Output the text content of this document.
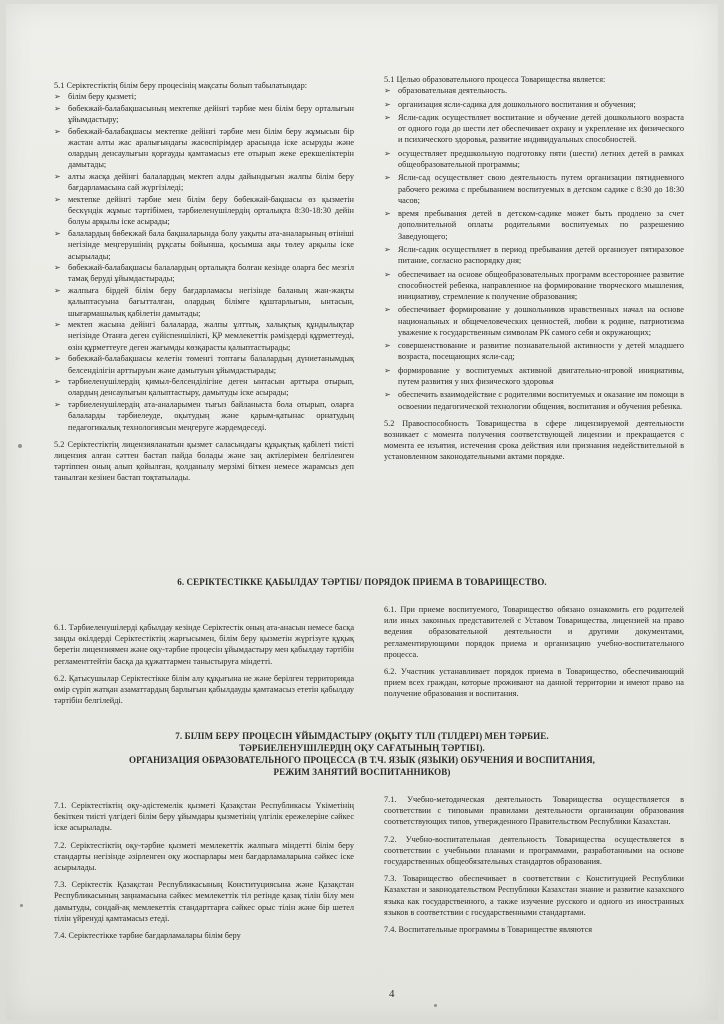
5.1 Серіктестіктің білім беру процесінің мақсаты болып табылатындар:

➢ білім беру қызметі;
➢ бөбекжай-балабақшасының мектепке дейінгі тәрбие мен білім беру орталығын ұйымдастыру;
➢ бөбекжай-балабақшасы мектепке дейінгі тәрбие мен білім беру жұмысын бір жастан алты жас аралығындағы жасөспірімдер арасында іске асыруды және олардың денсаулығын қорғауды қамтамасыз ете отырып жеке ерекшеліктерін дамытады;
➢ алты жасқа дейінгі балалардың мектеп алды дайындығын жалпы білім беру бағдарламасына сай жүргізіледі;
➢ мектепке дейінгі тәрбие мен білім беру бөбекжай-бақшасы өз қызметін бескүндік жұмыс тәртібімен, тәрбиеленушілердің орталықта 8:30-18:30 дейін болуы арқылы іске асырады;
➢ балалардың бөбекжай бала бақшаларында болу уақыты ата-аналарының өтініші негізінде меңгерушінің рұқсаты бойынша, қосымша ақы төлеу арқылы іске асырылады;
➢ бөбекжай-балабақшасы балалардың орталықта болған кезінде оларға бес мезгіл тамақ беруді ұйымдастырады;
➢ жалпыға бірдей білім беру бағдарламасы негізінде баланың жан-жақты қалыптасуына бағытталған, олардың білімге құштарлығын, ынтасын, шығармашылық қабілетін дамытады;
➢ мектеп жасына дейінгі балаларда, жалпы ұлттық, халықтық құндылықтар негізінде Отанға деген сүйіспеншілікті, ҚР мемлекеттік рәміздерді құрметтеуді, өзін құрметтеуге деген жағымды көзқарасты қалыптастырады;
➢ бөбекжай-балабақшасы келетін төменгі топтағы балалардың дүниетанымдық белсенділігін арттыруын және дамытуын ұйымдастырады;
➢ тәрбиеленушілердің қимыл-белсенділігіне деген ынтасын арттыра отырып, олардың денсаулығын қалыптастыру, дамытуды іске асырады;
➢ тәрбиеленушілердің ата-аналарымен тығыз байланыста бола отырып, оларға балаларды тәрбиелеуде, оқытудың және қарым-қатынас орнатудың педагогикалық технологиясын меңгеруге жәрдемдеседі.

5.2 Серіктестіктің лицензияланатын қызмет саласындағы құқықтық қабілеті тиісті лицензия алған сәттен бастап пайда болады және заң актілерімен белгіленген тәртіппен оның алып қойылған, қолданылу мерзімі біткен немесе жарамсыз деп танылған кезінен бастап тоқтатылады.

5.1 Целью образовательного процесса Товарищества является:

➢ образовательная деятельность.
➢ организация ясли-садика для дошкольного воспитания и обучения;
➢ Ясли-садик осуществляет воспитание и обучение детей дошкольного возраста от одного года до шести лет обеспечивает охрану и укрепление их физического и психического здоровья, развитие индивидуальных способностей.
➢ осуществляет предшкольную подготовку пяти (шести) летних детей в рамках общеобразовательной программы;
➢ Ясли-сад осуществляет свою деятельность путем организации пятидневного рабочего режима с пребыванием воспитуемых в детском садике с 8:30 до 18:30 часов;
➢ время пребывания детей в детском-садике может быть продлено за счет дополнительной оплаты родительями воспитуемых по разрешению Заведующего;
➢ Ясли-садик осуществляет в период пребывания детей организует пятиразовое питание, согласно распорядку дня;
➢ обеспечивает на основе общеобразовательных программ всестороннее развитие способностей ребенка, направленное на формирование творческого мышления, инициативу, стремление к получение образования;
➢ обеспечивает формирование у дошкольников нравственных начал на основе национальных и общечеловеческих ценностей, любви к родине, патриотизма уважение к государственным символам РК самого себя и окружающих;
➢ совершенствование и развитие познавательной активности у детей младшего возраста, посещающих ясли-сад;
➢ формирование у воспитуемых активной двигательно-игровой инициативы, путем развития у них физического здоровья
➢ обеспечить взаимодействие с родителями воспитуемых и оказание им помощи в освоении педагогической технологии общения, воспитания и обучения ребенка.

5.2 Правоспособность Товарищества в сфере лицензируемой деятельности возникает с момента получения соответствующей лицензии и прекращается с момента ее изъятия, истечения срока действия или признания недействительной в установленном законодательными актами порядке.

6. СЕРІКТЕСТІККЕ ҚАБЫЛДАУ ТӘРТІБІ/ ПОРЯДОК ПРИЕМА В ТОВАРИЩЕСТВО.

6.1. Тәрбиеленушілерді қабылдау кезінде Серіктестік оның ата-анасын немесе басқа заңды өкілдерді Серіктестіктің жарғысымен, білім беру қызметін жүргізуге құқық беретін лицензиямен және оқу-тәрбие процесін ұйымдастыру мен қабылдау тәртібін регламенттейтін басқа да құжаттармен таныстыруға міндетті.

6.2. Қатысушылар Серіктестікке білім алу құқығына не және берілген территорияда өмір сүріп жатқан азаматтардың барлығын қабылдауды қамтамасыз ететін қабылдау тәртібін белгілейді.

6.1. При приеме воспитуемого, Товарищество обязано ознакомить его родителей или иных законных представителей с Уставом Товарищества, лицензией на право ведения образовательной деятельности и другими документами, регламентирующими порядок приема и организацию учебно-воспитательного процесса.

6.2. Участник устанавливает порядок приема в Товарищество, обеспечивающий прием всех граждан, которые проживают на данной территории и имеют право на получение образования и воспитания.

7. БІЛІМ БЕРУ ПРОЦЕСІН ҰЙЫМДАСТЫРУ (ОҚЫТУ ТІЛІ (ТІЛДЕРІ) МЕН ТӘРБИЕ.
ТӘРБИЕЛЕНУШІЛЕРДІҢ ОҚУ САҒАТЫНЫҢ ТӘРТІБІ).
ОРГАНИЗАЦИЯ ОБРАЗОВАТЕЛЬНОГО ПРОЦЕССА (В Т.Ч. ЯЗЫК (ЯЗЫКИ) ОБУЧЕНИЯ И ВОСПИТАНИЯ,
РЕЖИМ ЗАНЯТИЙ ВОСПИТАННИКОВ)

7.1. Серіктестіктің оқу-әдістемелік қызметі Қазақстан Республикасы Үкіметінің бекіткен тиісті үлгідегі білім беру ұйымдары қызметінің үлгілік ережелеріне сәйкес іске асырылады.

7.2. Серіктестіктің оқу-тәрбие қызметі мемлекеттік жалпыға міндетті білім беру стандарты негізінде әзірленген оқу жоспарлары мен бағдарламаларына сәйкес іске асырылады.

7.3. Серіктестік Қазақстан Республикасының Конституциясына және Қазақстан Республикасының заңнамасына сәйкес мемлекеттік тіл ретінде қазақ тілін білу мен дамытуды, сондай-ақ мемлекеттік стандарттарға сәйкес орыс тілін және бір шетел тілін үйренуді қамтамасыз етеді.

7.4. Серіктестікке тәрбие бағдарламалары білім беру

7.1. Учебно-методическая деятельность Товарищества осуществляется в соответствии с типовыми правилами деятельности организации образования соответствующих типов, утвержденного Правительством Республики Казахстан.

7.2. Учебно-воспитательная деятельность Товарищества осуществляется в соответствии с учебными планами и программами, разработанными на основе государственных общеобязательных стандартов образования.

7.3. Товарищество обеспечивает в соответствии с Конституцией Республики Казахстан и законодательством Республики Казахстан знание и развитие казахского языка как государственного, а также изучение русского и одного из иностранных языков в соответствии с государственными стандартами.

7.4. Воспитательные программы в Товариществе являются

4
